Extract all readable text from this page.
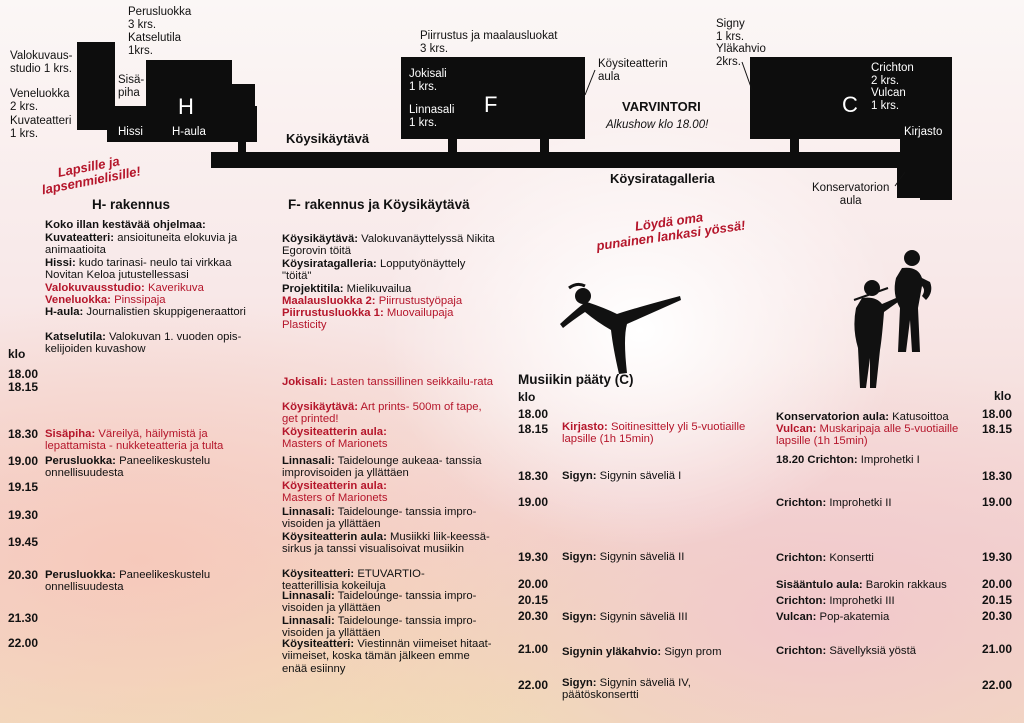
Perusluokka
3 krs.
Katselutila
1krs.
Valokuvaus-
studio 1 krs.
Veneluokka
2 krs.
Kuvateatteri
1 krs.
Sisä-
piha
H
Hissi	H-aula
Piirrustus ja maalausluokat
3 krs.
Köysiteatterin
aula
Jokisali
1 krs.
Linnasali
1 krs.
F
Signy
1 krs.
Yläkahvio
2krs.
Crichton
2 krs.
Vulcan
1 krs.
C
Kirjasto
Konservatorion
aula
VARVINTORI
Alkushow klo 18.00!
Köysikäytävä
Köysiratagalleria
Lapsille ja
lapsenmielisille!
Löydä oma
punainen lankasi yössä!
H- rakennus
Koko illan kestävää ohjelmaa:
Kuvateatteri: ansioituneita elokuvia ja animaatioita
Hissi: kudo tarinasi- neulo tai virkkaa Novitan Keloa jutustellessasi
Valokuvausstudio: Kaverikuva
Veneluokka: Pinssipaja
H-aula: Journalistien skuppigeneraattori
Katselutila: Valokuvan 1. vuoden opis-kelijoiden kuvashow
klo
18.00
18.15
18.30
19.00
19.15
19.30
19.45
20.30
21.30
22.00
Sisäpiha: Väreilyä, häilymistä ja lepattamista - nukketeatteria ja tulta
Perusluokka: Paneelikeskustelu onnellisuudesta
Perusluokka: Paneelikeskustelu onnellisuudesta
F- rakennus ja Köysikäytävä
Köysikäytävä: Valokuvanäyttelyssä Nikita Egorovin töitä
Köysiratagalleria: Lopputyönäyttely "töitä"
Projektitila: Mielikuvailua
Maalausluokka 2: Piirrustustyöpaja
Piirrustusluokka 1: Muovailupaja Plasticity
Jokisali: Lasten tanssillinen seikkailu-rata
Köysikäytävä: Art prints- 500m of tape, get printed!
Köysiteatterin aula: Masters of Marionets
Linnasali: Taidelounge aukeaa- tanssia improvisoiden ja yllättäen
Köysiteatterin aula: Masters of Marionets
Linnasali: Taidelounge- tanssia impro-visoiden ja yllättäen
Köysiteatterin aula: Musiikki liik-keessä- sirkus ja tanssi visualisoivat musiikin
Köysiteatteri: ETUVARTIO-teatterillisia kokeiluja
Linnasali: Taidelounge- tanssia impro-visoiden ja yllättäen
Linnasali: Taidelounge- tanssia impro-visoiden ja yllättäen
Köysiteatteri: Viestinnän viimeiset hitaat- viimeiset, koska tämän jälkeen emme enää esiinny
Musiikin pääty (C)
klo
18.00
18.15
18.30
19.00
19.30
20.00
20.15
20.30
21.00
22.00
Kirjasto: Soitinesittely yli 5-vuotiaille lapsille (1h 15min)
Sigyn: Sigynin säveliä I
Sigyn: Sigynin säveliä II
Sigyn: Sigynin säveliä III
Sigynin yläkahvio: Sigyn prom
Sigyn: Sigynin säveliä IV, päätöskonsertti
klo
18.00
18.15
18.30
19.00
19.30
20.00
20.15
20.30
21.00
22.00
Konservatorion aula: Katusoittoa
Vulcan: Muskaripaja alle 5-vuotiaille lapsille (1h 15min)
18.20 Crichton: Improhetki I
Crichton: Improhetki II
Crichton: Konsertti
Sisääntulo aula: Barokin rakkaus
Crichton: Improhetki III
Vulcan: Pop-akatemia
Crichton: Sävellyksiä yöstä
